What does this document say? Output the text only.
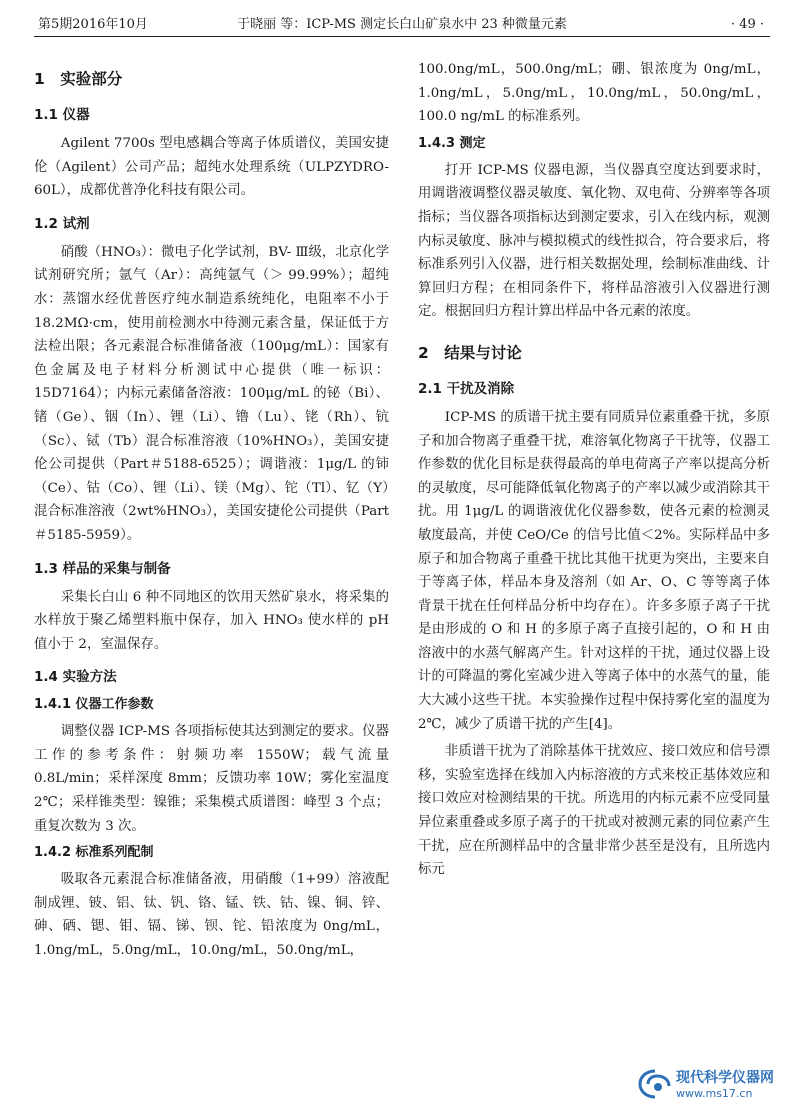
第5期2016年10月	于晓丽 等：ICP-MS 测定长白山矿泉水中 23 种微量元素	· 49 ·
1　实验部分
1.1 仪器

Agilent 7700s 型电感耦合等离子体质谱仪，美国安捷伦（Agilent）公司产品；超纯水处理系统（ULPZYDRO-60L），成都优普净化科技有限公司。

1.2 试剂

硝酸（HNO₃）：微电子化学试剂，BV- Ⅲ级，北京化学试剂研究所；氩气（Ar）：高纯氩气（＞ 99.99%）；超纯水：蒸馏水经优普医疗纯水制造系统纯化，电阻率不小于 18.2MΩ·cm，使用前检测水中待测元素含量，保证低于方法检出限；各元素混合标准储备液（100μg/mL）：国家有色金属及电子材料分析测试中心提供（唯一标识：15D7164）；内标元素储备溶液：100μg/mL 的铋（Bi）、锗（Ge）、铟（In）、锂（Li）、镥（Lu）、铑（Rh）、钪（Sc）、铽（Tb）混合标准溶液（10%HNO₃），美国安捷伦公司提供（Part＃5188-6525）；调谐液：1μg/L 的铈（Ce）、钴（Co）、锂（Li）、镁（Mg）、铊（Tl）、钇（Y）混合标准溶液（2wt%HNO₃），美国安捷伦公司提供（Part＃5185-5959）。

1.3 样品的采集与制备

采集长白山 6 种不同地区的饮用天然矿泉水，将采集的水样放于聚乙烯塑料瓶中保存，加入 HNO₃ 使水样的 pH 值小于 2，室温保存。

1.4 实验方法
1.4.1 仪器工作参数

调整仪器 ICP-MS 各项指标使其达到测定的要求。仪器工作的参考条件：射频功率 1550W；载气流量 0.8L/min；采样深度 8mm；反馈功率 10W；雾化室温度 2℃；采样锥类型：镍锥；采集模式质谱图：峰型 3 个点；重复次数为 3 次。

1.4.2 标准系列配制

吸取各元素混合标准储备液，用硝酸（1+99）溶液配制成锂、铍、铝、钛、钒、铬、锰、铁、钴、镍、铜、锌、砷、硒、锶、钼、镉、锑、钡、铊、铅浓度为 0ng/mL，1.0ng/mL，5.0ng/mL，10.0ng/mL，50.0ng/mL，

100.0ng/mL，500.0ng/mL；硼、银浓度为 0ng/mL，1.0ng/mL，5.0ng/mL，10.0ng/mL，50.0ng/mL，100.0 ng/mL 的标准系列。

1.4.3 测定

打开 ICP-MS 仪器电源，当仪器真空度达到要求时，用调谐液调整仪器灵敏度、氧化物、双电荷、分辨率等各项指标；当仪器各项指标达到测定要求，引入在线内标，观测内标灵敏度、脉冲与模拟模式的线性拟合，符合要求后，将标准系列引入仪器，进行相关数据处理，绘制标准曲线、计算回归方程；在相同条件下，将样品溶液引入仪器进行测定。根据回归方程计算出样品中各元素的浓度。

2　结果与讨论
2.1 干扰及消除

ICP-MS 的质谱干扰主要有同质异位素重叠干扰，多原子和加合物离子重叠干扰，难溶氧化物离子干扰等，仪器工作参数的优化目标是获得最高的单电荷离子产率以提高分析的灵敏度，尽可能降低氧化物离子的产率以减少或消除其干扰。用 1μg/L 的调谐液优化仪器参数，使各元素的检测灵敏度最高，并使 CeO/Ce 的信号比值＜2%。实际样品中多原子和加合物离子重叠干扰比其他干扰更为突出，主要来自于等离子体，样品本身及溶剂（如 Ar、O、C 等等离子体背景干扰在任何样品分析中均存在）。许多多原子离子干扰是由形成的 O 和 H 的多原子离子直接引起的，O 和 H 由溶液中的水蒸气解离产生。针对这样的干扰，通过仪器上设计的可降温的雾化室减少进入等离子体中的水蒸气的量，能大大减小这些干扰。本实验操作过程中保持雾化室的温度为 2℃，减少了质谱干扰的产生[4]。

非质谱干扰为了消除基体干扰效应、接口效应和信号漂移，实验室选择在线加入内标溶液的方式来校正基体效应和接口效应对检测结果的干扰。所选用的内标元素不应受同量异位素重叠或多原子离子的干扰或对被测元素的同位素产生干扰，应在所测样品中的含量非常少甚至是没有，且所选内标元

现代科学仪器网
www.ms17.cn
